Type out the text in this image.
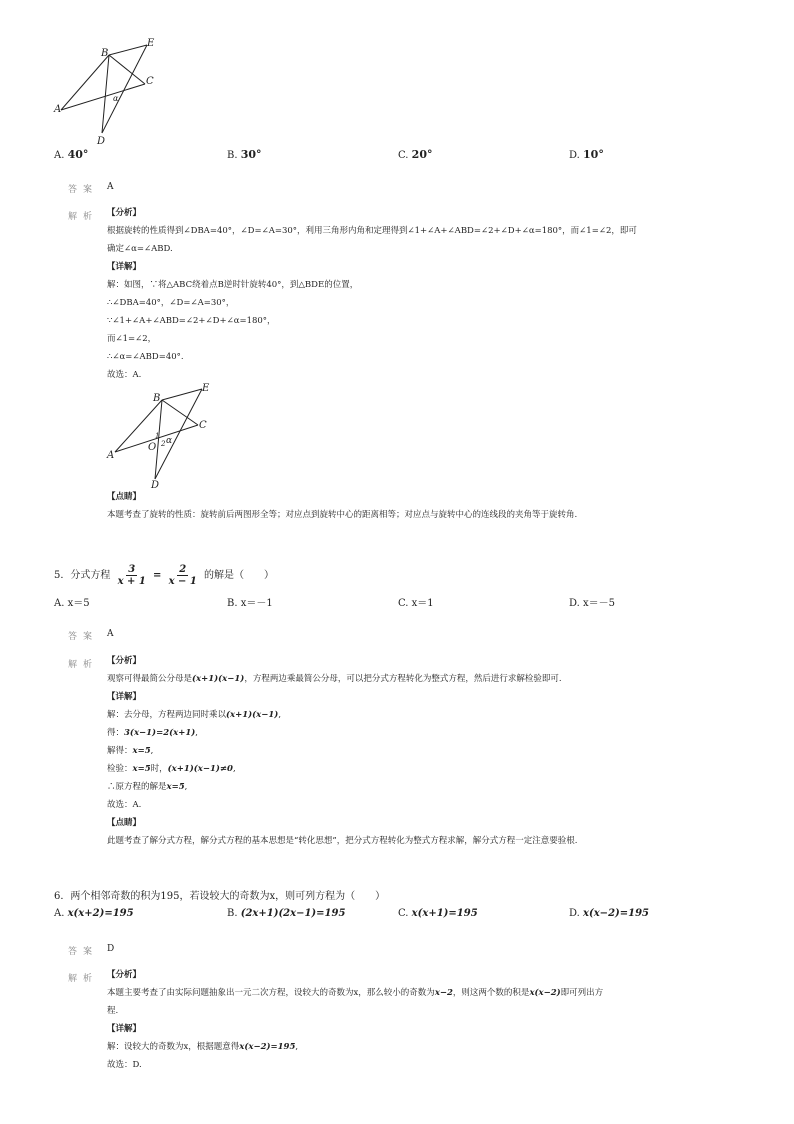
A
B
C
D
E
α
A. 40°	B. 30°	C. 20°	D. 10°
答案 A
解析 【分析】
根据旋转的性质得到∠DBA=40°，∠D=∠A=30°，利用三角形内角和定理得到∠1+∠A+∠ABD=∠2+∠D+∠α=180°，而∠1=∠2，即可
确定∠α=∠ABD.
【详解】
解：如图，∵将△ABC绕着点B逆时针旋转40°，到△BDE的位置，
∴∠DBA=40°，∠D=∠A=30°，
∵∠1+∠A+∠ABD=∠2+∠D+∠α=180°，
而∠1=∠2，
∴∠α=∠ABD=40°.
故选：A.
A
B
C
D
E
O
1
2 α
【点睛】
本题考查了旋转的性质：旋转前后两图形全等；对应点到旋转中心的距离相等；对应点与旋转中心的连线段的夹角等于旋转角.
5．分式方程 $\frac{3}{x + 1} = \frac{2}{x - 1}$ 的解是（　　）
A. x＝5	B. x＝－1	C. x＝1	D. x＝－5
答案 A
解析 【分析】
观察可得最简公分母是(x+1)(x−1)，方程两边乘最简公分母，可以把分式方程转化为整式方程，然后进行求解检验即可.
【详解】
解：去分母，方程两边同时乘以(x+1)(x−1),
得：3(x−1)=2(x+1),
解得：x=5,
检验：x=5时，(x+1)(x−1)≠0,
∴原方程的解是x=5,
故选：A.
【点睛】
此题考查了解分式方程，解分式方程的基本思想是“转化思想”，把分式方程转化为整式方程求解，解分式方程一定注意要验根.
6．两个相邻奇数的积为195，若设较大的奇数为x，则可列方程为（　　）
A. x(x+2)=195	B. (2x+1)(2x−1)=195	C. x(x+1)=195	D. x(x−2)=195
答案 D
解析 【分析】
本题主要考查了由实际问题抽象出一元二次方程，设较大的奇数为x，那么较小的奇数为x−2，则这两个数的积是x(x−2)即可列出方
程.
【详解】
解：设较大的奇数为x，根据题意得x(x−2)=195,
故选：D.
